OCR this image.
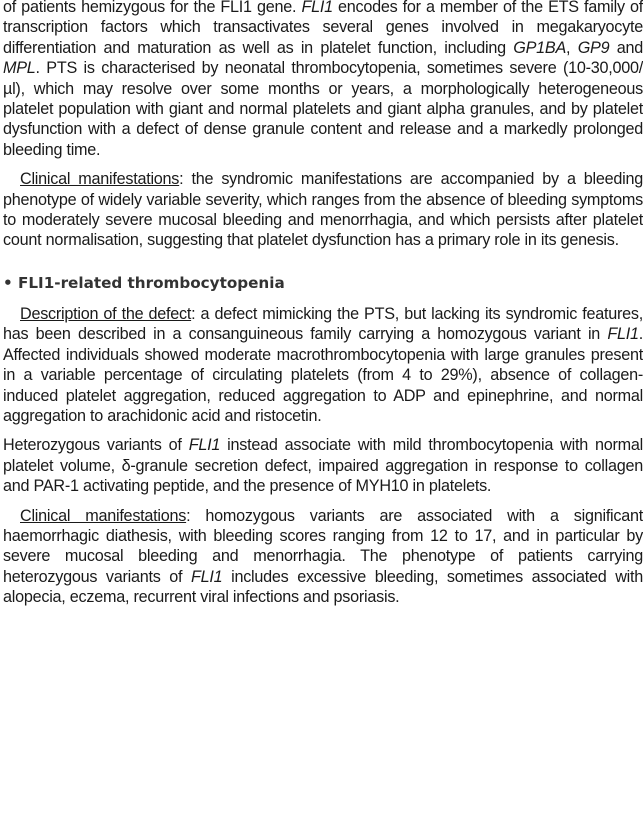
of patients hemizygous for the FLI1 gene. FLI1 encodes for a member of the ETS family of transcription factors which transactivates several genes involved in megakaryocyte differentiation and maturation as well as in platelet function, including GP1BA, GP9 and MPL. PTS is characterised by neonatal thrombocytopenia, sometimes severe (10-30,000/µl), which may resolve over some months or years, a morphologically heterogeneous platelet population with giant and normal platelets and giant alpha granules, and by platelet dysfunction with a defect of dense granule content and release and a markedly prolonged bleeding time.

Clinical manifestations: the syndromic manifestations are accompanied by a bleeding phenotype of widely variable severity, which ranges from the absence of bleeding symptoms to moderately severe mucosal bleeding and menorrhagia, and which persists after platelet count normalisation, suggesting that platelet dysfunction has a primary role in its genesis.

• FLI1-related thrombocytopenia

Description of the defect: a defect mimicking the PTS, but lacking its syndromic features, has been described in a consanguineous family carrying a homozygous variant in FLI1. Affected individuals showed moderate macrothrombocytopenia with large granules present in a variable percentage of circulating platelets (from 4 to 29%), absence of collagen-induced platelet aggregation, reduced aggregation to ADP and epinephrine, and normal aggregation to arachidonic acid and ristocetin.

Heterozygous variants of FLI1 instead associate with mild thrombocytopenia with normal platelet volume, δ-granule secretion defect, impaired aggregation in response to collagen and PAR-1 activating peptide, and the presence of MYH10 in platelets.

Clinical manifestations: homozygous variants are associated with a significant haemorrhagic diathesis, with bleeding scores ranging from 12 to 17, and in particular by severe mucosal bleeding and menorrhagia. The phenotype of patients carrying heterozygous variants of FLI1 includes excessive bleeding, sometimes associated with alopecia, eczema, recurrent viral infections and psoriasis.
